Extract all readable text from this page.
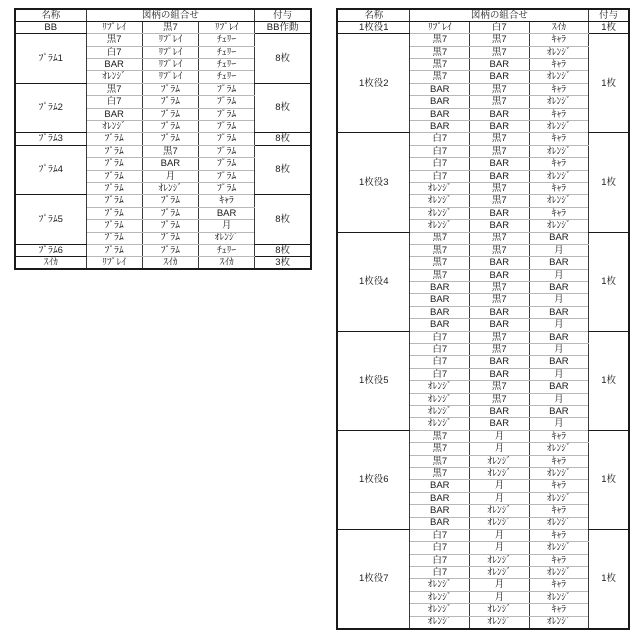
名称	図柄の組合せ			付与
BB	ﾘﾌﾟﾚｲ	黒7	ﾘﾌﾟﾚｲ	BB作動
ﾌﾟﾗﾑ1	黒7	ﾘﾌﾟﾚｲ	ﾁｪﾘｰ	8枚
	白7	ﾘﾌﾟﾚｲ	ﾁｪﾘｰ	
	BAR	ﾘﾌﾟﾚｲ	ﾁｪﾘｰ	
	ｵﾚﾝｼﾞ	ﾘﾌﾟﾚｲ	ﾁｪﾘｰ	
ﾌﾟﾗﾑ2	黒7	ﾌﾟﾗﾑ	ﾌﾟﾗﾑ	8枚
	白7	ﾌﾟﾗﾑ	ﾌﾟﾗﾑ	
	BAR	ﾌﾟﾗﾑ	ﾌﾟﾗﾑ	
	ｵﾚﾝｼﾞ	ﾌﾟﾗﾑ	ﾌﾟﾗﾑ	
ﾌﾟﾗﾑ3	ﾌﾟﾗﾑ	ﾌﾟﾗﾑ	ﾌﾟﾗﾑ	8枚
ﾌﾟﾗﾑ4	ﾌﾟﾗﾑ	黒7	ﾌﾟﾗﾑ	8枚
	ﾌﾟﾗﾑ	BAR	ﾌﾟﾗﾑ	
	ﾌﾟﾗﾑ	月	ﾌﾟﾗﾑ	
	ﾌﾟﾗﾑ	ｵﾚﾝｼﾞ	ﾌﾟﾗﾑ	
ﾌﾟﾗﾑ5	ﾌﾟﾗﾑ	ﾌﾟﾗﾑ	ｷｬﾗ	8枚
	ﾌﾟﾗﾑ	ﾌﾟﾗﾑ	BAR	
	ﾌﾟﾗﾑ	ﾌﾟﾗﾑ	月	
	ﾌﾟﾗﾑ	ﾌﾟﾗﾑ	ｵﾚﾝｼﾞ	
ﾌﾟﾗﾑ6	ﾌﾟﾗﾑ	ﾌﾟﾗﾑ	ﾁｪﾘｰ	8枚
ｽｲｶ	ﾘﾌﾟﾚｲ	ｽｲｶ	ｽｲｶ	3枚
名称	図柄の組合せ			付与
1枚役1	ﾘﾌﾟﾚｲ	白7	ｽｲｶ	1枚
1枚役2	黒7	黒7	ｷｬﾗ	1枚
	黒7	黒7	ｵﾚﾝｼﾞ	
	黒7	BAR	ｷｬﾗ	
	黒7	BAR	ｵﾚﾝｼﾞ	
	BAR	黒7	ｷｬﾗ	
	BAR	黒7	ｵﾚﾝｼﾞ	
	BAR	BAR	ｷｬﾗ	
	BAR	BAR	ｵﾚﾝｼﾞ	
1枚役3	白7	黒7	ｷｬﾗ	1枚
	白7	黒7	ｵﾚﾝｼﾞ	
	白7	BAR	ｷｬﾗ	
	白7	BAR	ｵﾚﾝｼﾞ	
	ｵﾚﾝｼﾞ	黒7	ｷｬﾗ	
	ｵﾚﾝｼﾞ	黒7	ｵﾚﾝｼﾞ	
	ｵﾚﾝｼﾞ	BAR	ｷｬﾗ	
	ｵﾚﾝｼﾞ	BAR	ｵﾚﾝｼﾞ	
1枚役4	黒7	黒7	BAR	1枚
	黒7	黒7	月	
	黒7	BAR	BAR	
	黒7	BAR	月	
	BAR	黒7	BAR	
	BAR	黒7	月	
	BAR	BAR	BAR	
	BAR	BAR	月	
1枚役5	白7	黒7	BAR	1枚
	白7	黒7	月	
	白7	BAR	BAR	
	白7	BAR	月	
	ｵﾚﾝｼﾞ	黒7	BAR	
	ｵﾚﾝｼﾞ	黒7	月	
	ｵﾚﾝｼﾞ	BAR	BAR	
	ｵﾚﾝｼﾞ	BAR	月	
1枚役6	黒7	月	ｷｬﾗ	1枚
	黒7	月	ｵﾚﾝｼﾞ	
	黒7	ｵﾚﾝｼﾞ	ｷｬﾗ	
	黒7	ｵﾚﾝｼﾞ	ｵﾚﾝｼﾞ	
	BAR	月	ｷｬﾗ	
	BAR	月	ｵﾚﾝｼﾞ	
	BAR	ｵﾚﾝｼﾞ	ｷｬﾗ	
	BAR	ｵﾚﾝｼﾞ	ｵﾚﾝｼﾞ	
1枚役7	白7	月	ｷｬﾗ	1枚
	白7	月	ｵﾚﾝｼﾞ	
	白7	ｵﾚﾝｼﾞ	ｷｬﾗ	
	白7	ｵﾚﾝｼﾞ	ｵﾚﾝｼﾞ	
	ｵﾚﾝｼﾞ	月	ｷｬﾗ	
	ｵﾚﾝｼﾞ	月	ｵﾚﾝｼﾞ	
	ｵﾚﾝｼﾞ	ｵﾚﾝｼﾞ	ｷｬﾗ	
	ｵﾚﾝｼﾞ	ｵﾚﾝｼﾞ	ｵﾚﾝｼﾞ	
